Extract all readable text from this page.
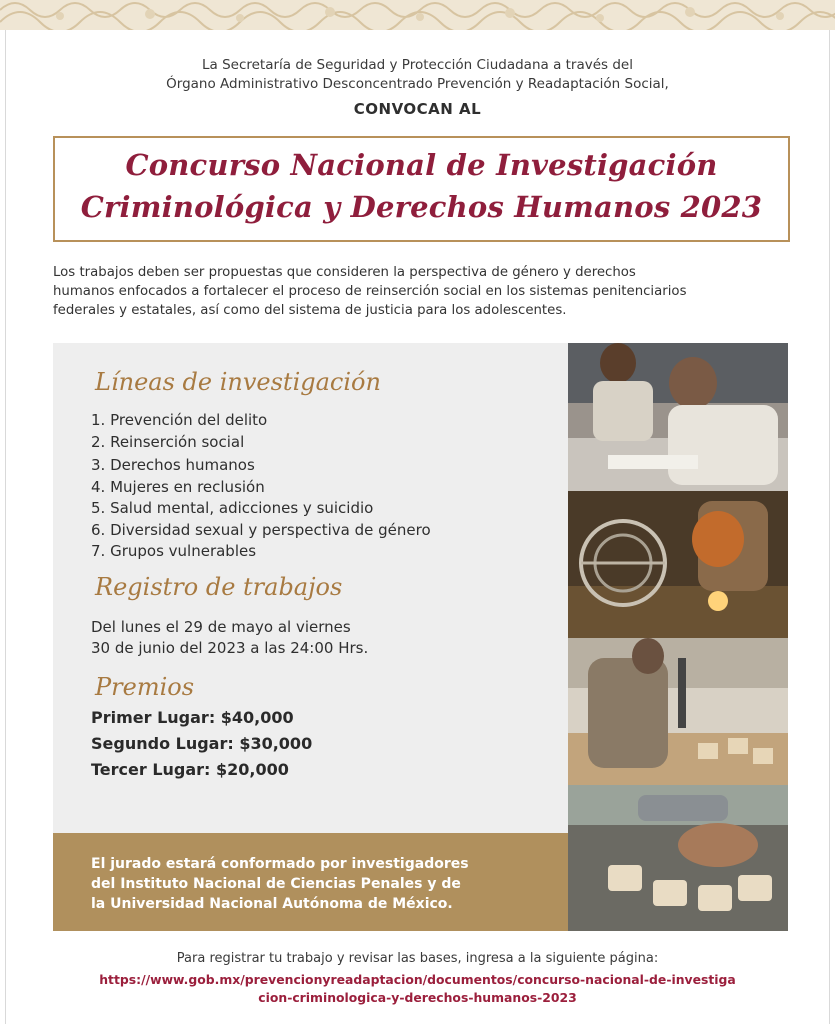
La Secretaría de Seguridad y Protección Ciudadana a través del
Órgano Administrativo Desconcentrado Prevención y Readaptación Social,
CONVOCAN AL
Concurso Nacional de Investigación
Criminológica y Derechos Humanos 2023
Los trabajos deben ser propuestas que consideren la perspectiva de género y derechos
humanos enfocados a fortalecer el proceso de reinserción social en los sistemas penitenciarios
federales y estatales, así como del sistema de justicia para los adolescentes.
Líneas de investigación
1. Prevención del delito
2. Reinserción social
3. Derechos humanos
4. Mujeres en reclusión
5. Salud mental, adicciones y suicidio
6. Diversidad sexual y perspectiva de género
7. Grupos vulnerables
Registro de trabajos
Del lunes el 29 de mayo al viernes
30 de junio del 2023 a las 24:00 Hrs.
Premios
Primer Lugar: $40,000
Segundo Lugar: $30,000
Tercer Lugar: $20,000
El jurado estará conformado por investigadores
del Instituto Nacional de Ciencias Penales y de
la Universidad Nacional Autónoma de México.
Para registrar tu trabajo y revisar las bases, ingresa a la siguiente página:
https://www.gob.mx/prevencionyreadaptacion/documentos/concurso-nacional-de-investiga
cion-criminologica-y-derechos-humanos-2023
